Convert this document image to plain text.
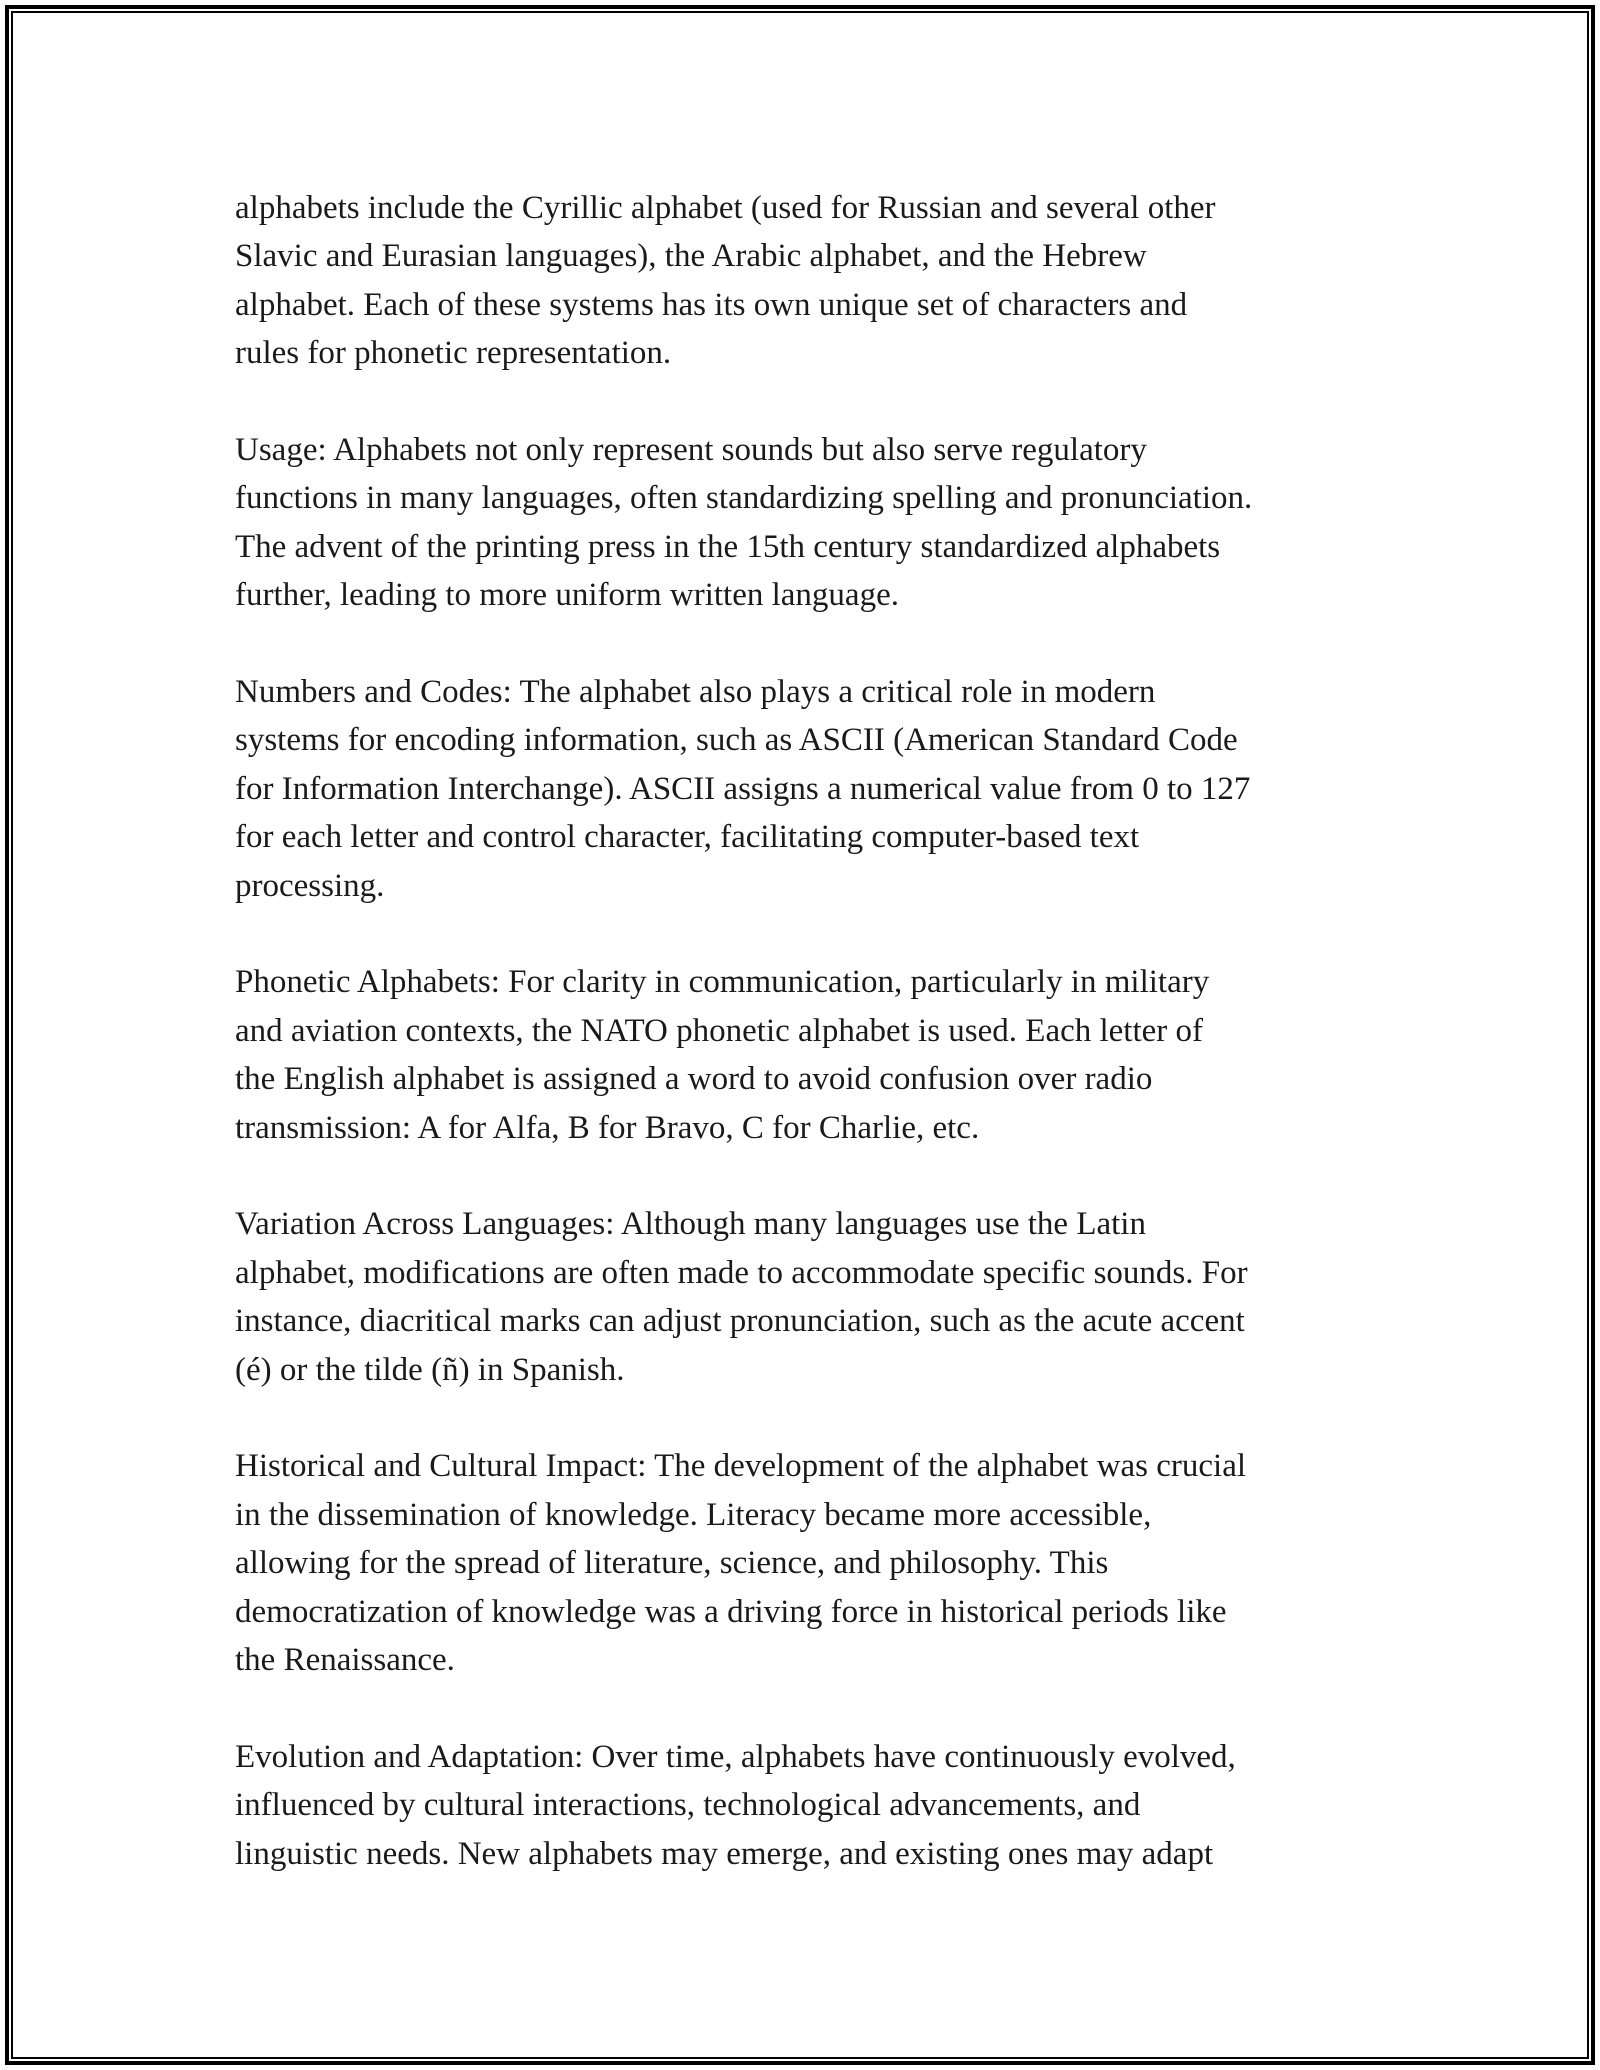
alphabets include the Cyrillic alphabet (used for Russian and several other
Slavic and Eurasian languages), the Arabic alphabet, and the Hebrew
alphabet. Each of these systems has its own unique set of characters and
rules for phonetic representation.

Usage: Alphabets not only represent sounds but also serve regulatory
functions in many languages, often standardizing spelling and pronunciation.
The advent of the printing press in the 15th century standardized alphabets
further, leading to more uniform written language.

Numbers and Codes: The alphabet also plays a critical role in modern
systems for encoding information, such as ASCII (American Standard Code
for Information Interchange). ASCII assigns a numerical value from 0 to 127
for each letter and control character, facilitating computer-based text
processing.

Phonetic Alphabets: For clarity in communication, particularly in military
and aviation contexts, the NATO phonetic alphabet is used. Each letter of
the English alphabet is assigned a word to avoid confusion over radio
transmission: A for Alfa, B for Bravo, C for Charlie, etc.

Variation Across Languages: Although many languages use the Latin
alphabet, modifications are often made to accommodate specific sounds. For
instance, diacritical marks can adjust pronunciation, such as the acute accent
(é) or the tilde (ñ) in Spanish.

Historical and Cultural Impact: The development of the alphabet was crucial
in the dissemination of knowledge. Literacy became more accessible,
allowing for the spread of literature, science, and philosophy. This
democratization of knowledge was a driving force in historical periods like
the Renaissance.

Evolution and Adaptation: Over time, alphabets have continuously evolved,
influenced by cultural interactions, technological advancements, and
linguistic needs. New alphabets may emerge, and existing ones may adapt
